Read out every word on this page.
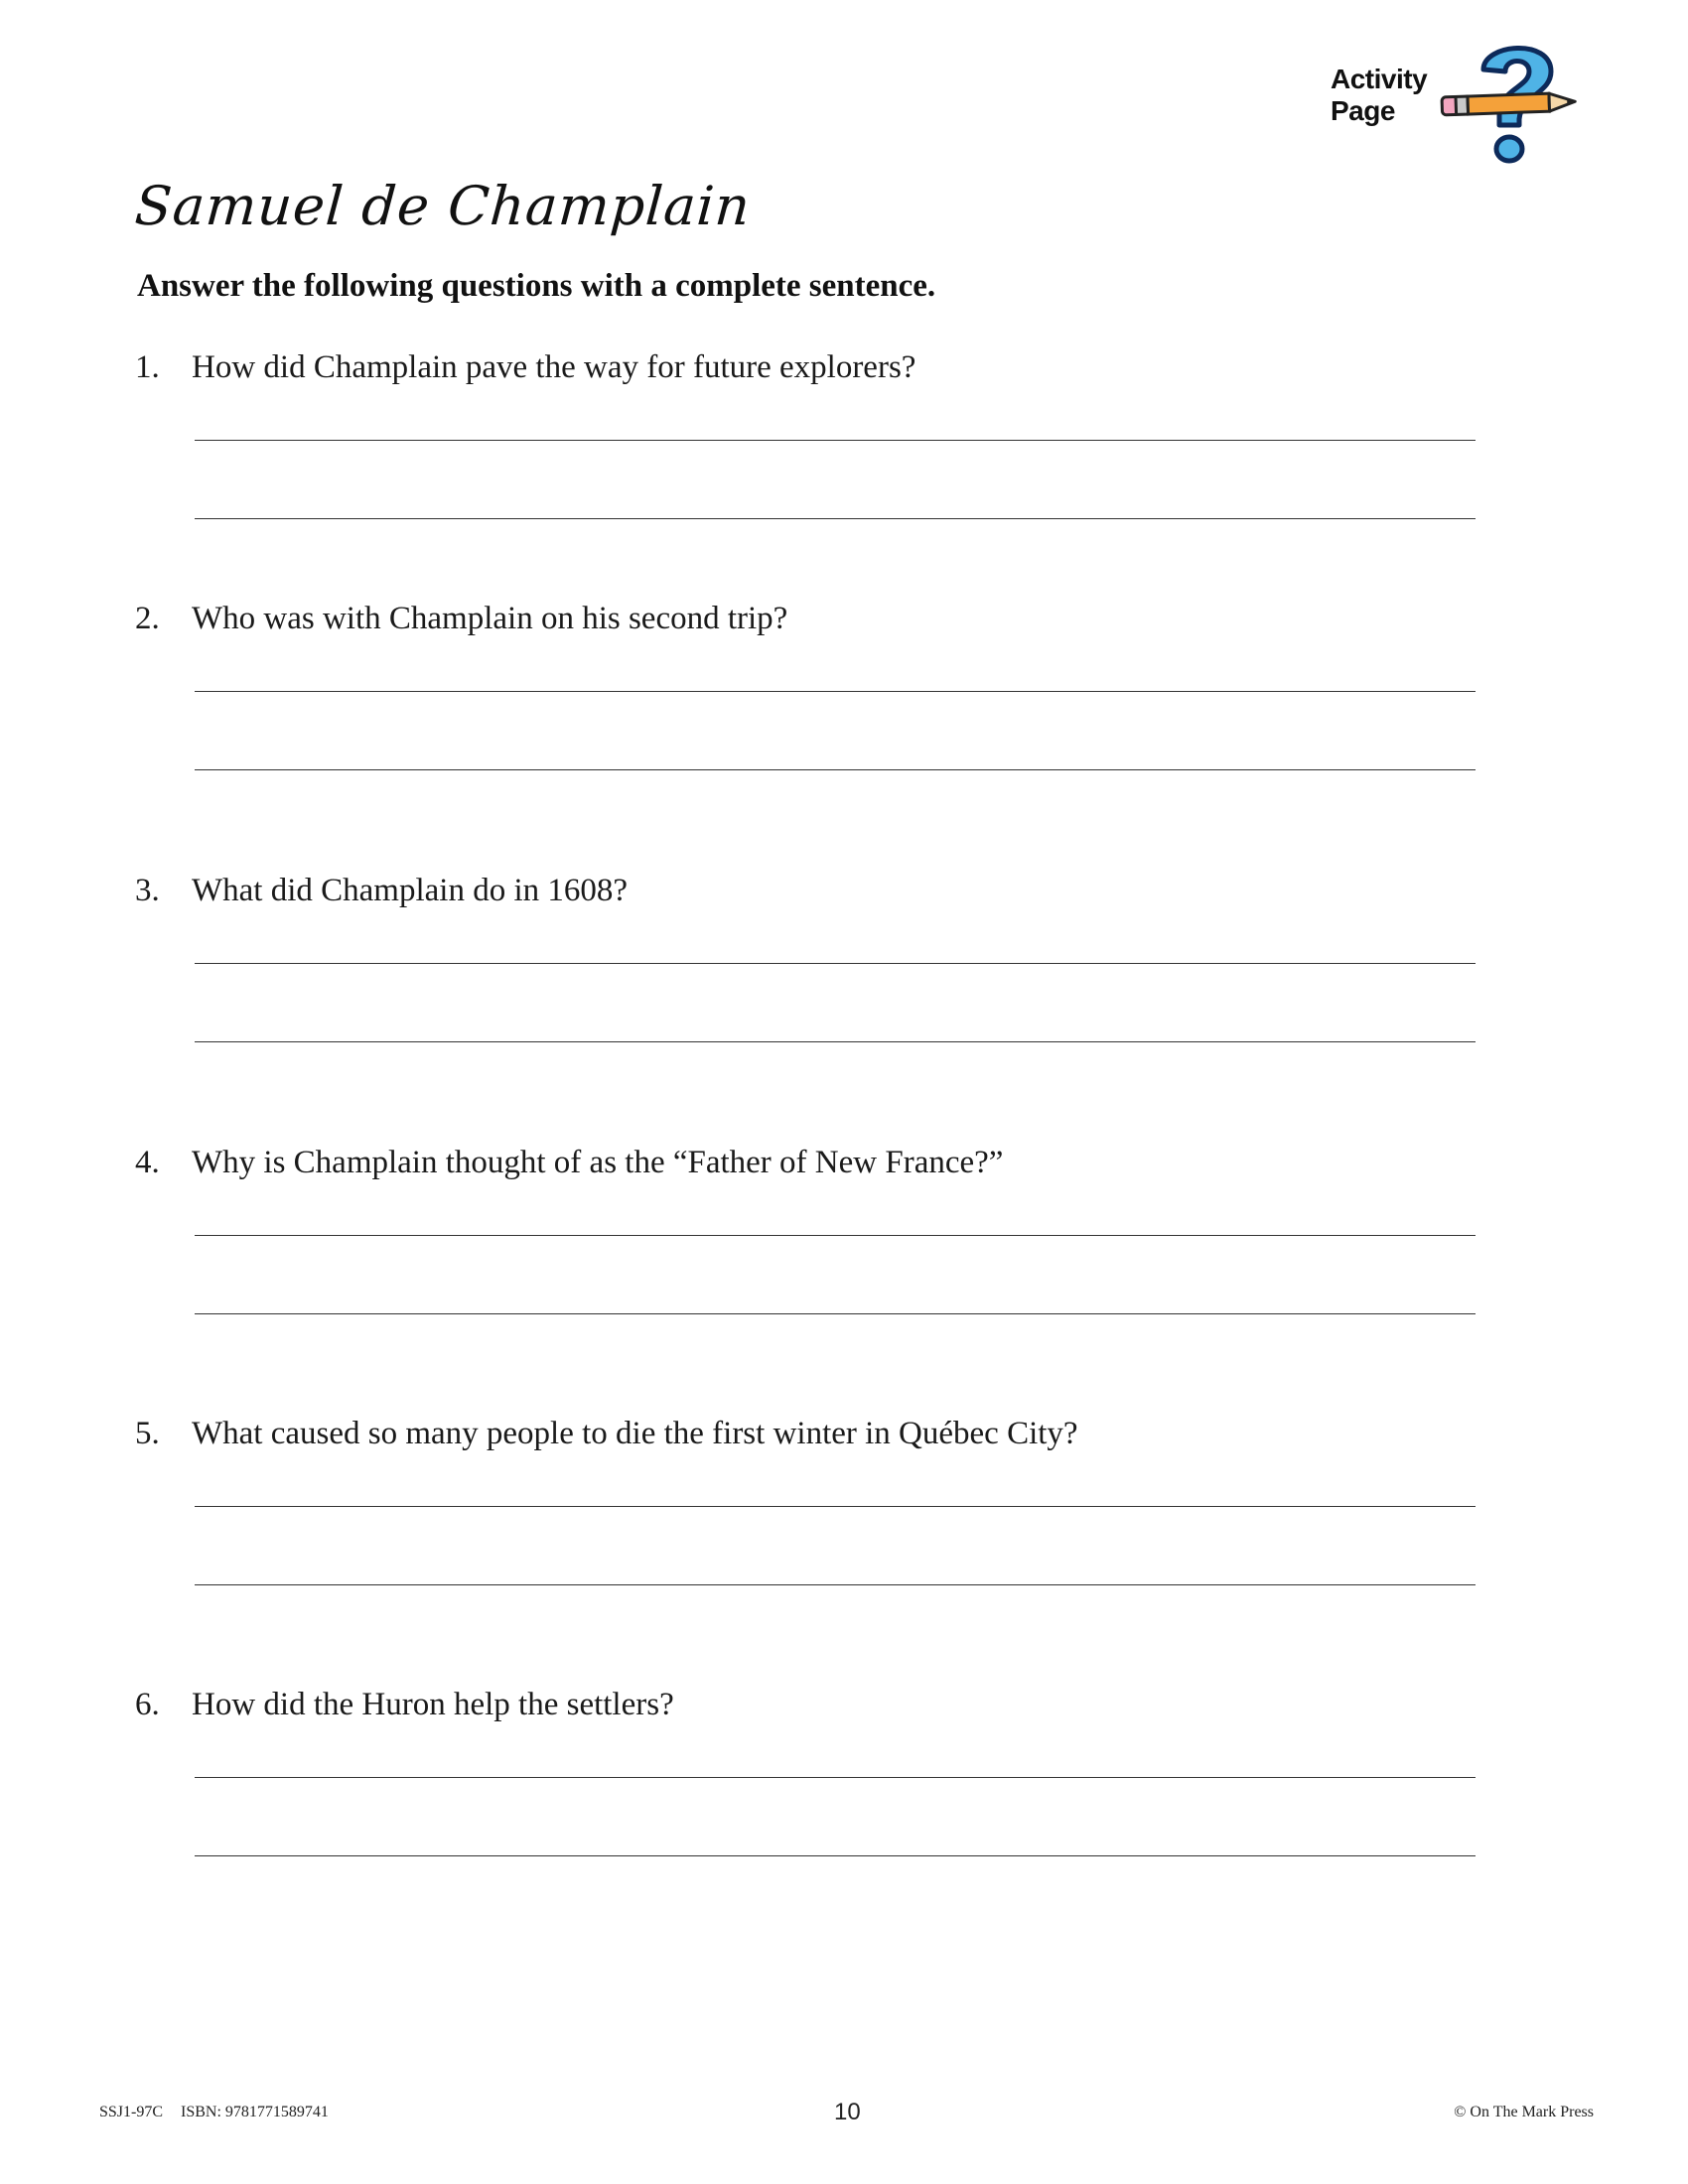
Activity
Page
Samuel de Champlain
Answer the following questions with a complete sentence.
1. How did Champlain pave the way for future explorers?
2. Who was with Champlain on his second trip?
3. What did Champlain do in 1608?
4. Why is Champlain thought of as the “Father of New France?”
5. What caused so many people to die the first winter in Québec City?
6. How did the Huron help the settlers?
SSJ1-97C ISBN: 9781771589741	10	© On The Mark Press
